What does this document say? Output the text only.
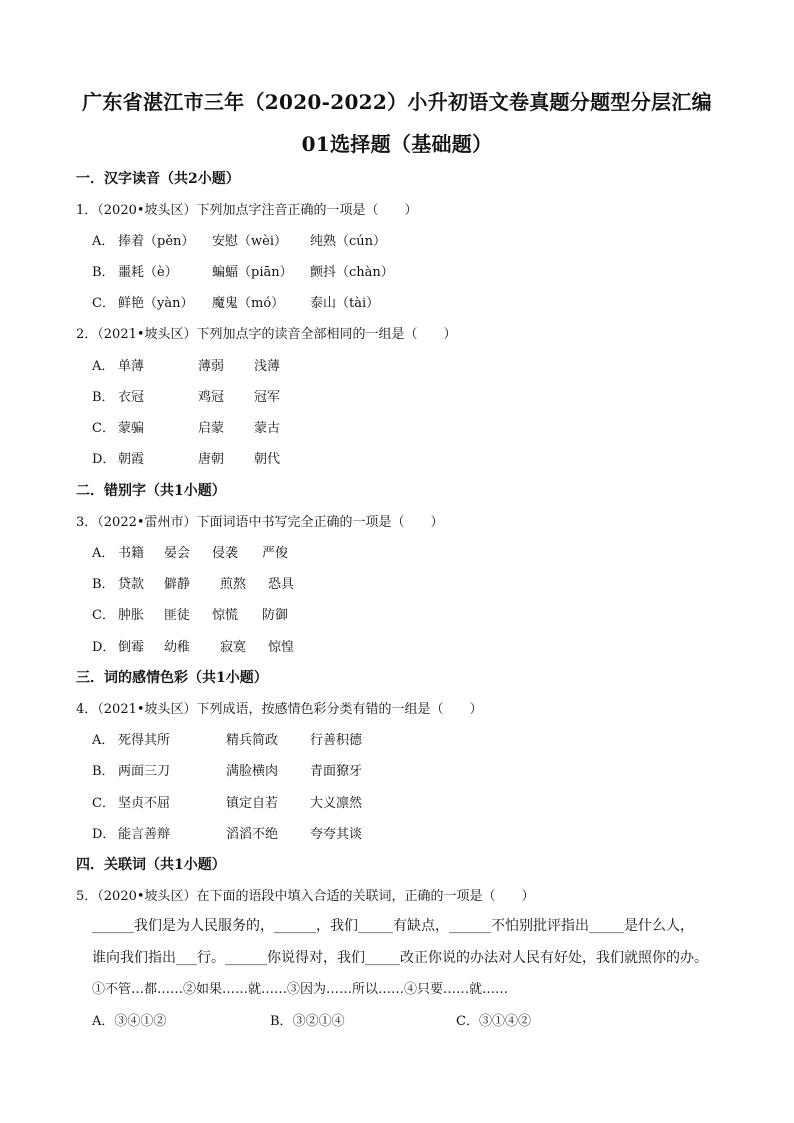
广东省湛江市三年（2020-2022）小升初语文卷真题分题型分层汇编
01选择题（基础题）
一．汉字读音（共2小题）
1．（2020•坡头区）下列加点字注音正确的一项是（　　）
A． 捧着（pěn） 安慰（wèi） 纯熟（cún）
B． 噩耗（è）	蝙蝠（piān） 颤抖（chàn）
C． 鲜艳（yàn） 魔鬼（mó） 泰山（tài）
2．（2021•坡头区）下列加点字的读音全部相同的一组是（　　）
A． 单薄	薄弱 浅薄
B． 衣冠	鸡冠 冠军
C． 蒙骗	启蒙 蒙古
D． 朝霞	唐朝 朝代
二．错别字（共1小题）
3．（2022•雷州市）下面词语中书写完全正确的一项是（　　）
A． 书籍 晏会 侵袭 严俊
B． 贷款 僻静 煎熬 恐具
C． 肿胀 匪徒 惊慌 防御
D． 倒霉 幼稚 寂寞 惊惶
三．词的感情色彩（共1小题）
4．（2021•坡头区）下列成语，按感情色彩分类有错的一组是（　　）
A． 死得其所	精兵简政 行善积德
B． 两面三刀	满脸横肉 青面獠牙
C． 坚贞不屈	镇定自若 大义凛然
D． 能言善辩	滔滔不绝 夸夸其谈
四．关联词（共1小题）
5．（2020•坡头区）在下面的语段中填入合适的关联词，正确的一项是（　　）
______我们是为人民服务的，______，我们_____有缺点，______不怕别批评指出_____是什么人，
谁向我们指出___行。______你说得对，我们_____改正你说的办法对人民有好处，我们就照你的办。
①不管…都……②如果……就……③因为……所以……④只要……就……
A．③④①②	B．③②①④	C．③①④②
